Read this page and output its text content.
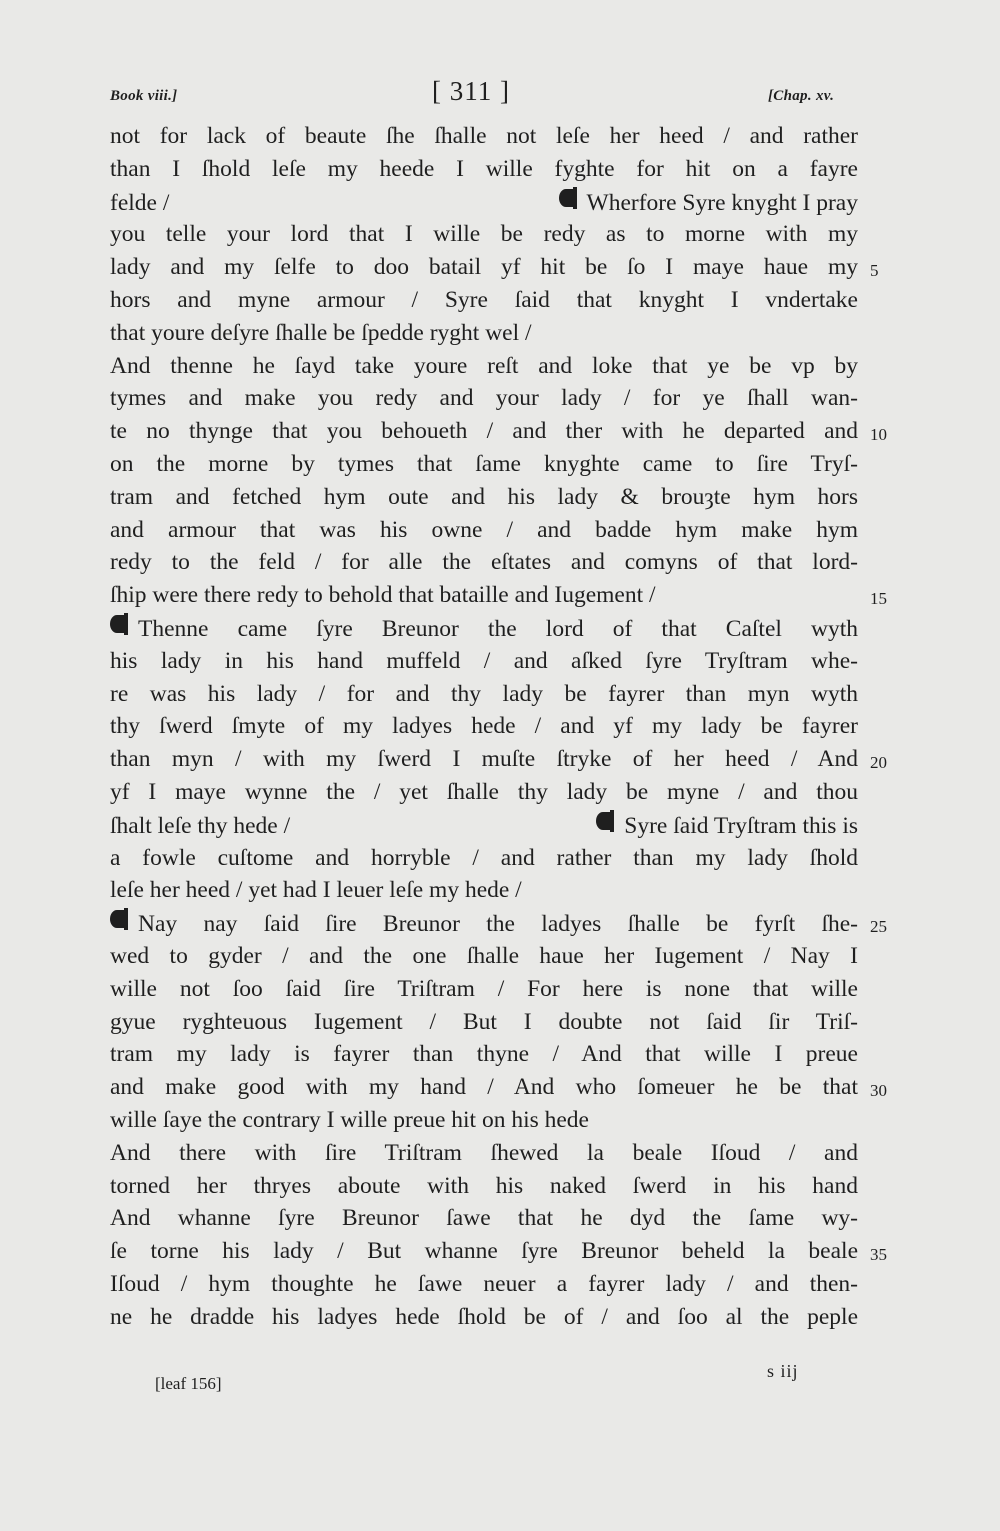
Book viii.]	[ 311 ]	[Chap. xv.
not for lack of beaute ſhe ſhalle not leſe her heed / and rather
than I ſhold leſe my heede I wille fyghte for hit on a fayre
felde /	Wherfore Syre knyght I pray
you telle your lord that I wille be redy as to morne with my
lady and my ſelfe to doo batail yf hit be ſo I maye haue my
hors and myne armour / Syre ſaid that knyght I vndertake
that youre deſyre ſhalle be ſpedde ryght wel /
And thenne he ſayd take youre reſt and loke that ye be vp by
tymes and make you redy and your lady / for ye ſhall wan-
te no thynge that you behoueth / and ther with he departed and
on the morne by tymes that ſame knyghte came to ſire Tryſ-
tram and fetched hym oute and his lady & brouȝte hym hors
and armour that was his owne / and badde hym make hym
redy to the feld / for alle the eſtates and comyns of that lord-
ſhip were there redy to behold that bataille and Iugement /
Thenne came ſyre Breunor the lord of that Caſtel wyth
his lady in his hand muffeld / and aſked ſyre Tryſtram whe-
re was his lady / for and thy lady be fayrer than myn wyth
thy ſwerd ſmyte of my ladyes hede / and yf my lady be fayrer
than myn / with my ſwerd I muſte ſtryke of her heed / And
yf I maye wynne the / yet ſhalle thy lady be myne / and thou
ſhalt leſe thy hede /	Syre ſaid Tryſtram this is
a fowle cuſtome and horryble / and rather than my lady ſhold
leſe her heed / yet had I leuer leſe my hede /
Nay nay ſaid ſire Breunor the ladyes ſhalle be fyrſt ſhe-
wed to gyder / and the one ſhalle haue her Iugement / Nay I
wille not ſoo ſaid ſire Triſtram / For here is none that wille
gyue ryghteuous Iugement / But I doubte not ſaid ſir Triſ-
tram my lady is fayrer than thyne / And that wille I preue
and make good with my hand / And who ſomeuer he be that
wille ſaye the contrary I wille preue hit on his hede
And there with ſire Triſtram ſhewed la beale Iſoud / and
torned her thryes aboute with his naked ſwerd in his hand
And whanne ſyre Breunor ſawe that he dyd the ſame wy-
ſe torne his lady / But whanne ſyre Breunor beheld la beale
Iſoud / hym thoughte he ſawe neuer a fayrer lady / and then-
ne he dradde his ladyes hede ſhold be of / and ſoo al the peple
5
10
15
20
25
30
35
[leaf 156]
s iij
